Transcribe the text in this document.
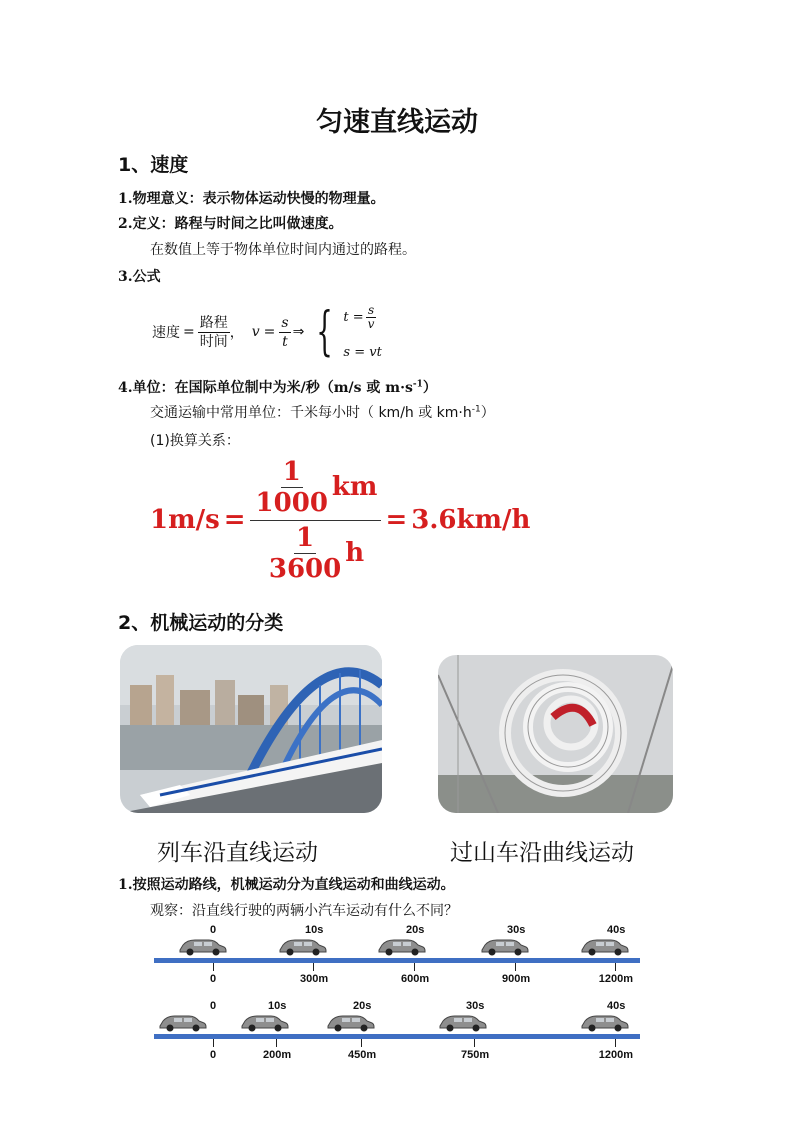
匀速直线运动
1、速度
1.物理意义：表示物体运动快慢的物理量。
2.定义：路程与时间之比叫做速度。
在数值上等于物体单位时间内通过的路程。
3.公式
速度 = $\frac{\text{路程}}{\text{时间}}$ ， $v = \frac{s}{t}$ ⇒ { $t = \frac{s}{v}$
s = vt
4.单位：在国际单位制中为米/秒（m/s 或 $m\cdot s^{-1}$）
交通运输中常用单位：千米每小时（ km/h 或 $km\cdot h^{-1}$）
(1)换算关系：
$1m/s = \frac{\frac{1}{1000} km}{\frac{1}{3600} h} = 3.6km/h$
2、机械运动的分类
列车沿直线运动	过山车沿曲线运动
1.按照运动路线，机械运动分为直线运动和曲线运动。
观察：沿直线行驶的两辆小汽车运动有什么不同？
0
0
10s
300m
20s
600m
30s
900m
40s
1200m
0
0
10s
200m
20s
450m
30s
750m
40s
1200m
